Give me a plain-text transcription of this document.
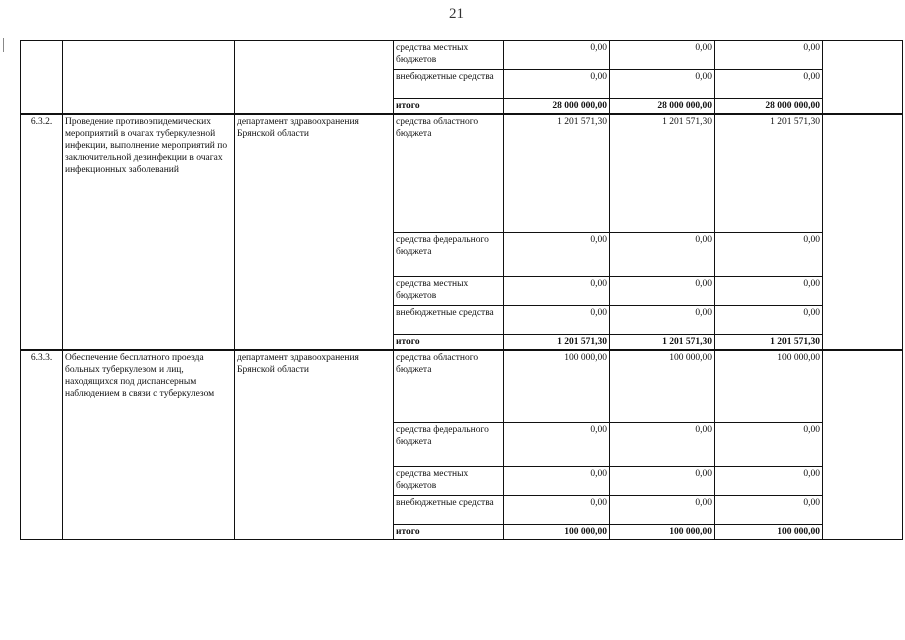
21
			средства местных бюджетов	0,00	0,00	0,00	
			внебюджетные средства	0,00	0,00	0,00	
			итого	28 000 000,00	28 000 000,00	28 000 000,00	
6.3.2.	Проведение противоэпидемических мероприятий в очагах туберкулезной инфекции, выполнение мероприятий по заключительной дезинфекции в очагах инфекционных заболеваний	департамент здравоохранения Брянской области	средства областного бюджета	1 201 571,30	1 201 571,30	1 201 571,30	
			средства федерального бюджета	0,00	0,00	0,00	
			средства местных бюджетов	0,00	0,00	0,00	
			внебюджетные средства	0,00	0,00	0,00	
			итого	1 201 571,30	1 201 571,30	1 201 571,30	
6.3.3.	Обеспечение бесплатного проезда больных туберкулезом и лиц, находящихся под диспансерным наблюдением в связи с туберкулезом	департамент здравоохранения Брянской области	средства областного бюджета	100 000,00	100 000,00	100 000,00	
			средства федерального бюджета	0,00	0,00	0,00	
			средства местных бюджетов	0,00	0,00	0,00	
			внебюджетные средства	0,00	0,00	0,00	
			итого	100 000,00	100 000,00	100 000,00	
